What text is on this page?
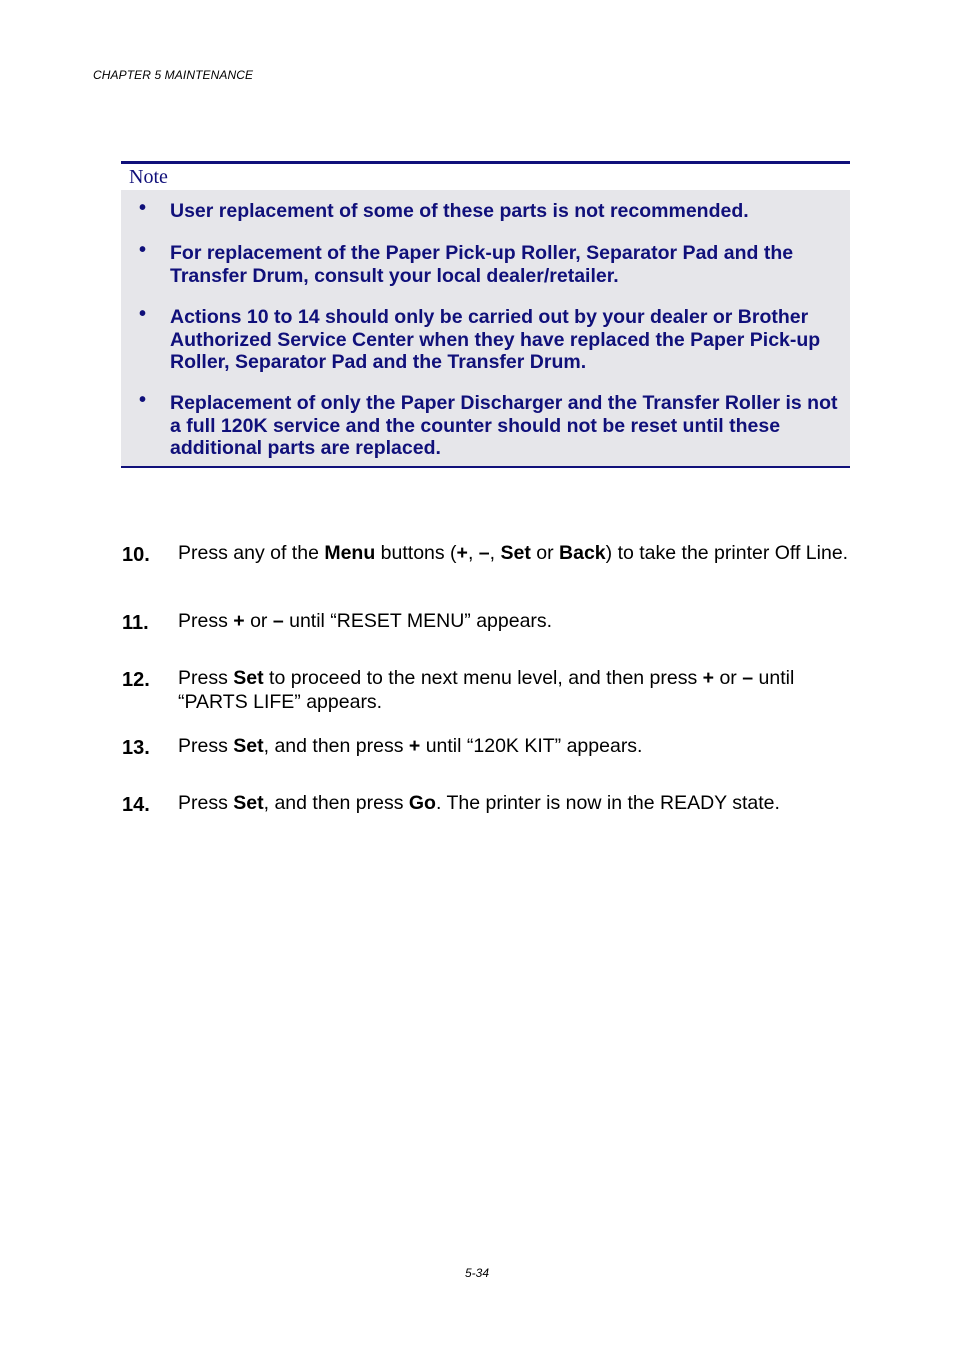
CHAPTER 5 MAINTENANCE
Note
• User replacement of some of these parts is not recommended.
• For replacement of the Paper Pick-up Roller, Separator Pad and the Transfer Drum, consult your local dealer/retailer.
• Actions 10 to 14 should only be carried out by your dealer or Brother Authorized Service Center when they have replaced the Paper Pick-up Roller, Separator Pad and the Transfer Drum.
• Replacement of only the Paper Discharger and the Transfer Roller is not a full 120K service and the counter should not be reset until these additional parts are replaced.
10. Press any of the Menu buttons (+, –, Set or Back) to take the printer Off Line.
11. Press + or – until “RESET MENU” appears.
12. Press Set to proceed to the next menu level, and then press + or – until “PARTS LIFE” appears.
13. Press Set, and then press + until “120K KIT” appears.
14. Press Set, and then press Go. The printer is now in the READY state.
5-34
